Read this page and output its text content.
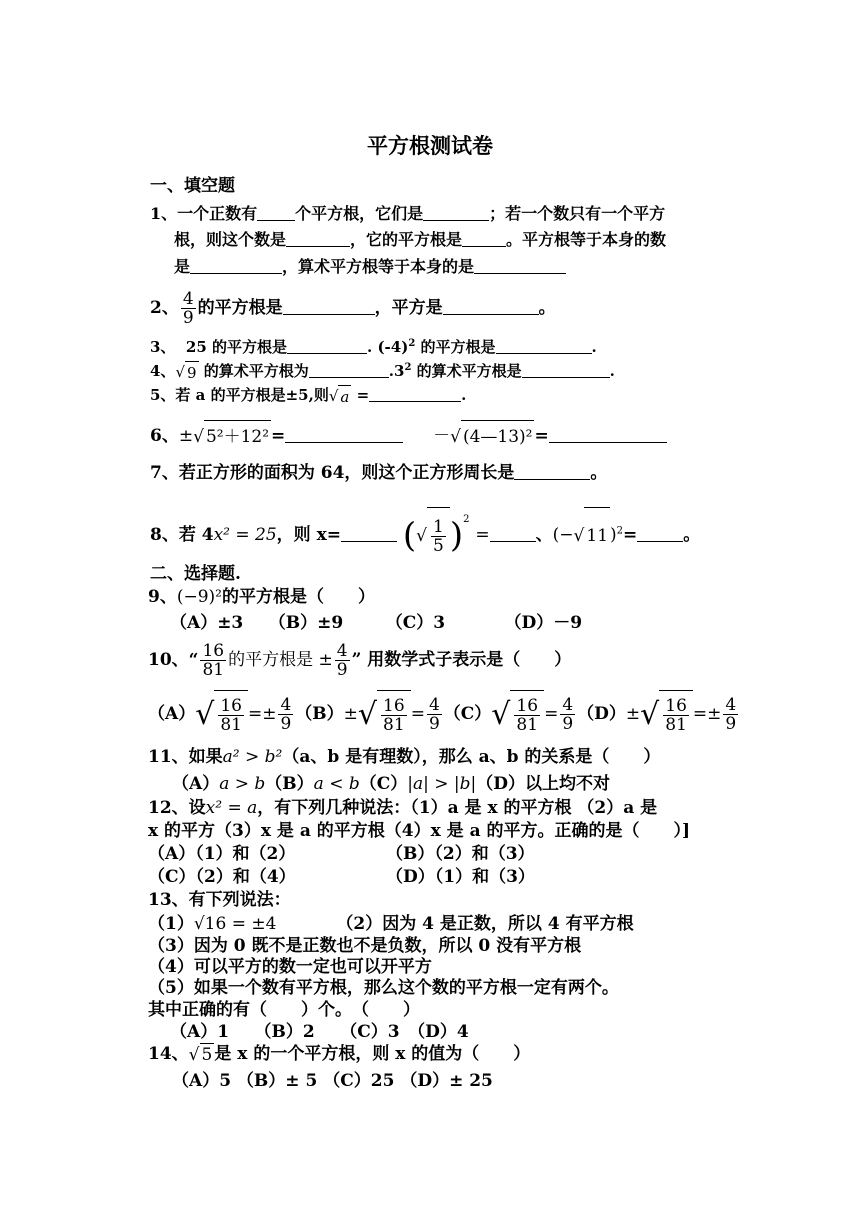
平方根测试卷
一、填空题
1、一个正数有 个平方根，它们是	；若一个数只有一个平方
根，则这个数是	，它的平方根是	。平方根等于本身的数
是	，算术平方根等于本身的是
2、 $\frac{4}{9}$ 的平方根是	，平方是	。
3、 25 的平方根是	. $(-4)^2$ 的平方根是	.
4、√ 9 的算术平方根为	$.3^2$ 的算术平方根是	.
5、若 a 的平方根是±5,则√ a =	.
6、±√ 5²＋12² =	－√ (4—13)² =
7、若正方形的面积为 64，则这个正方形周长是	。
8、若 4x² = 25，则 x= (√ $\frac{1}{5} )^2$ =	、(−√ 11 )$^2$=	。
二、选择题.
9、(−9)²的平方根是（　　）
（A）±3　　（B）±9　　　（C）3　　　　（D）－9
10、“ $\frac{16}{81}$ 的平方根是 ± $\frac{4}{9}$ ” 用数学式子表示是（　　）
$(A)√ \frac{16}{81} =\pm \frac{4}{9} (B)\pm√ \frac{16}{81} = \frac{4}{9} (C)√ \frac{16}{81} = \frac{4}{9} (D)\pm√ \frac{16}{81} =\pm \frac{4}{9}$
11、如果a² > b²（a、b 是有理数），那么 a、b 的关系是（　　）
（A）a > b（B）a < b（C）|a| > |b|（D）以上均不对
12、设x² = a，有下列几种说法：（1）a 是 x 的平方根 （2）a 是
x 的平方（3）x 是 a 的平方根（4）x 是 a 的平方。正确的是（　　）]
（A）（1）和（2）	（B）（2）和（3）
（C）（2）和（4）	（D）（1）和（3）
13、有下列说法：
（1）√16 = ±4	（2）因为 4 是正数，所以 4 有平方根
（3）因为 0 既不是正数也不是负数，所以 0 没有平方根
（4）可以平方的数一定也可以开平方
（5）如果一个数有平方根，那么这个数的平方根一定有两个。
其中正确的有（　　）个。　（　　）
（A）1　　（B）2　　（C）3　（D）4
14、√ 5 是 x 的一个平方根，则 x 的值为（　　）
（A）5 （B）± 5 （C）25 （D）± 25
